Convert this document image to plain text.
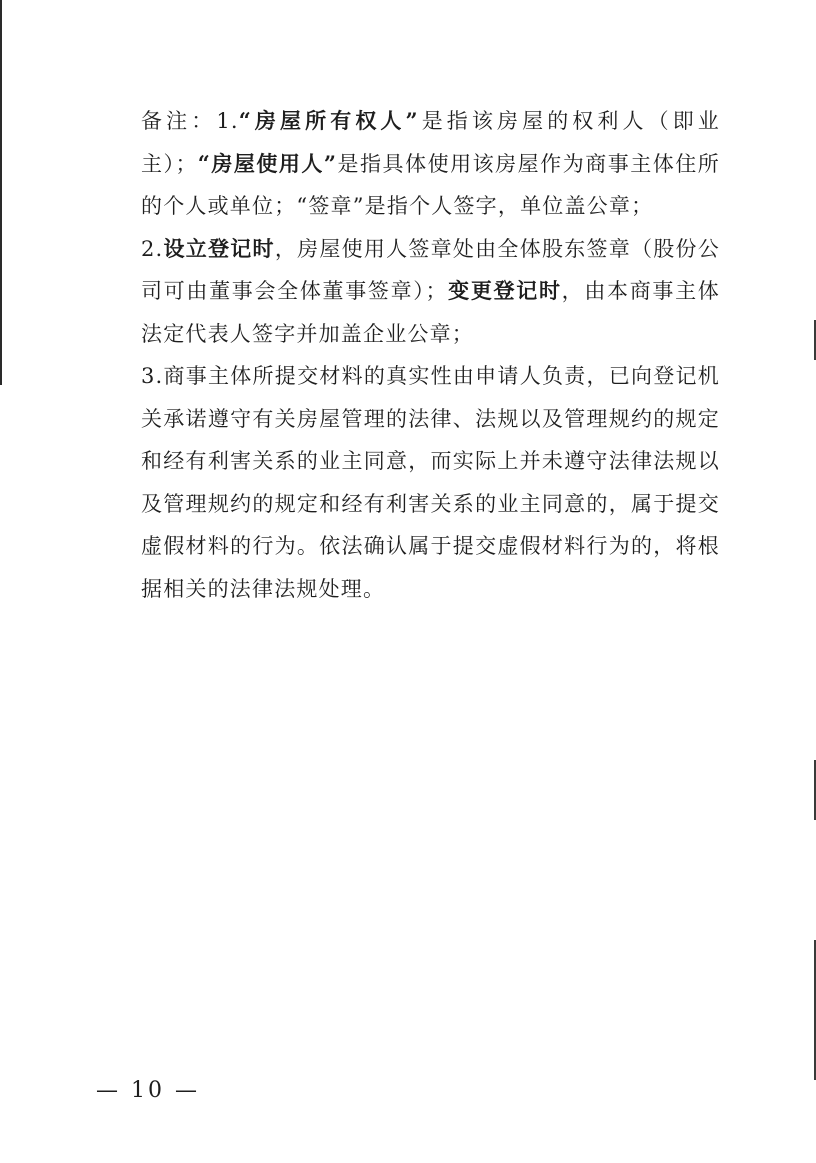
备注：1.“房屋所有权人”是指该房屋的权利人（即业主）；“房屋使用人”是指具体使用该房屋作为商事主体住所的个人或单位；“签章”是指个人签字，单位盖公章；

2.设立登记时，房屋使用人签章处由全体股东签章（股份公司可由董事会全体董事签章）；变更登记时，由本商事主体法定代表人签字并加盖企业公章；

3.商事主体所提交材料的真实性由申请人负责，已向登记机关承诺遵守有关房屋管理的法律、法规以及管理规约的规定和经有利害关系的业主同意，而实际上并未遵守法律法规以及管理规约的规定和经有利害关系的业主同意的，属于提交虚假材料的行为。依法确认属于提交虚假材料行为的，将根据相关的法律法规处理。

— 10 —
